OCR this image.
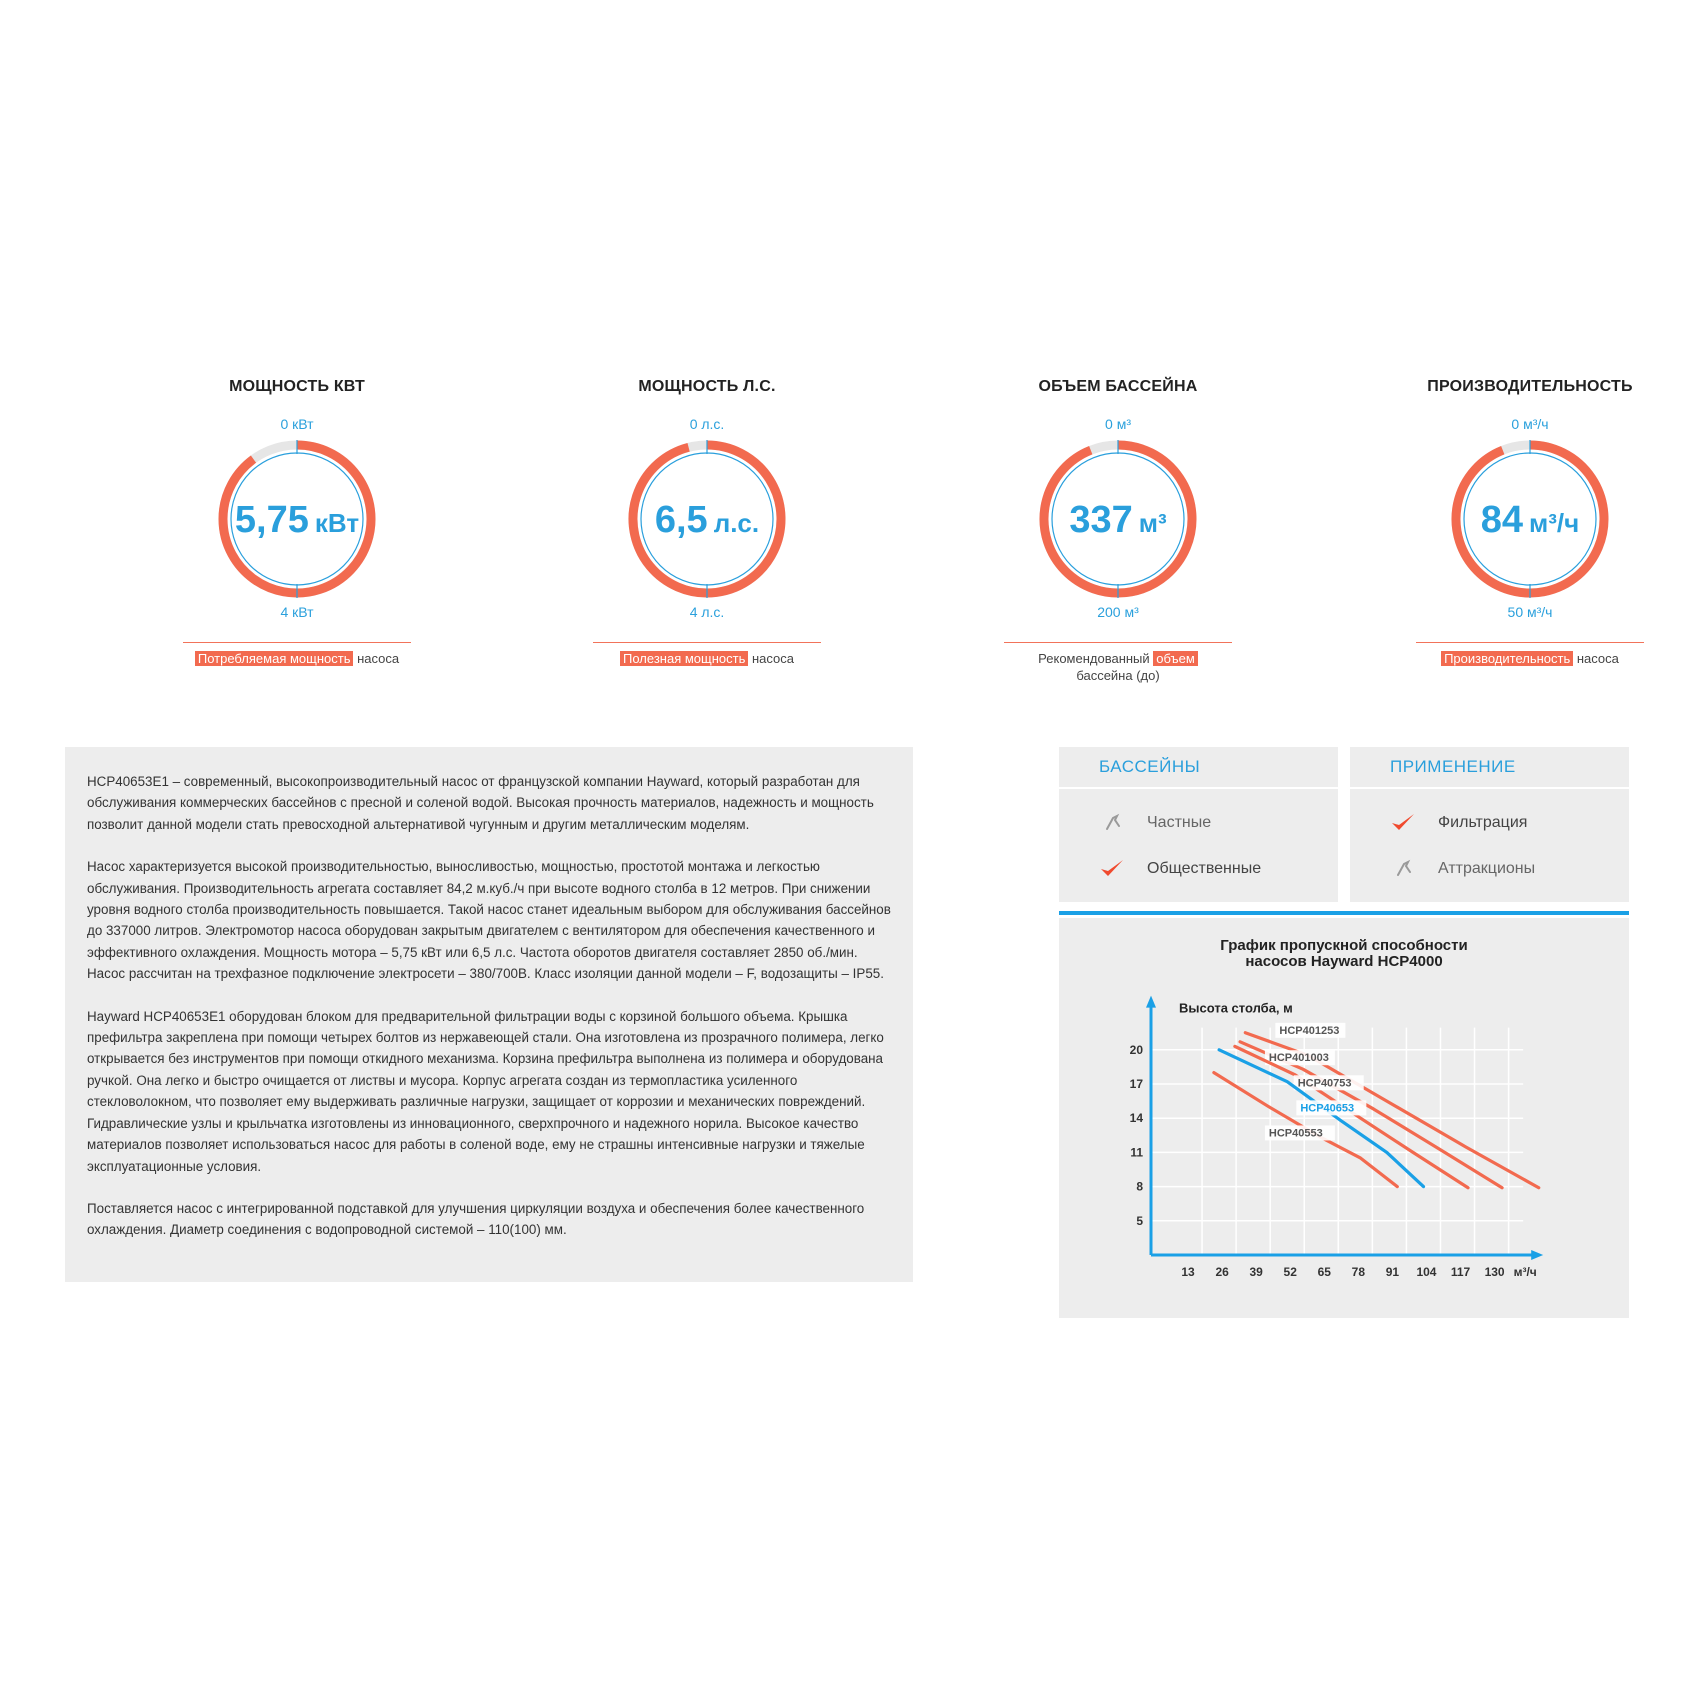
МОЩНОСТЬ КВТ
0 кВт
5,75 кВт
4 кВт
Потребляемая мощность насоса
МОЩНОСТЬ Л.С.
0 л.с.
6,5 л.с.
4 л.с.
Полезная мощность насоса
ОБЪЕМ БАССЕЙНА
0 м³
337 м³
200 м³
Рекомендованный объем
бассейна (до)
ПРОИЗВОДИТЕЛЬНОСТЬ
0 м³/ч
84 м³/ч
50 м³/ч
Производительность насоса

HCP40653E1 – современный, высокопроизводительный насос от французской компании Hayward, который разработан для обслуживания коммерческих бассейнов с пресной и соленой водой. Высокая прочность материалов, надежность и мощность позволит данной модели стать превосходной альтернативой чугунным и другим металлическим моделям.

Насос характеризуется высокой производительностью, выносливостью, мощностью, простотой монтажа и легкостью обслуживания. Производительность агрегата составляет 84,2 м.куб./ч при высоте водного столба в 12 метров. При снижении уровня водного столба производительность повышается. Такой насос станет идеальным выбором для обслуживания бассейнов до 337000 литров. Электромотор насоса оборудован закрытым двигателем с вентилятором для обеспечения качественного и эффективного охлаждения. Мощность мотора – 5,75 кВт или 6,5 л.с. Частота оборотов двигателя составляет 2850 об./мин. Насос рассчитан на трехфазное подключение электросети – 380/700В. Класс изоляции данной модели – F, водозащиты – IP55.

Hayward HCP40653E1 оборудован блоком для предварительной фильтрации воды с корзиной большого объема. Крышка префильтра закреплена при помощи четырех болтов из нержавеющей стали. Она изготовлена из прозрачного полимера, легко открывается без инструментов при помощи откидного механизма. Корзина префильтра выполнена из полимера и оборудована ручкой. Она легко и быстро очищается от листвы и мусора. Корпус агрегата создан из термопластика усиленного стекловолокном, что позволяет ему выдерживать различные нагрузки, защищает от коррозии и механических повреждений. Гидравлические узлы и крыльчатка изготовлены из инновационного, сверхпрочного и надежного норила. Высокое качество материалов позволяет использоваться насос для работы в соленой воде, ему не страшны интенсивные нагрузки и тяжелые эксплуатационные условия.

Поставляется насос с интегрированной подставкой для улучшения циркуляции воздуха и обеспечения более качественного охлаждения. Диаметр соединения с водопроводной системой – 110(100) мм.

БАССЕЙНЫ
Частные
Общественные
ПРИМЕНЕНИЕ
Фильтрация
Аттракционы
График пропускной способности
насосов Hayward HCP4000
Высота столба, м
5
8
11
14
17
20
13 26 39 52 65 78 91 104 117 130 м³/ч
HCP401253
HCP401003
HCP40753
HCP40653
HCP40553
